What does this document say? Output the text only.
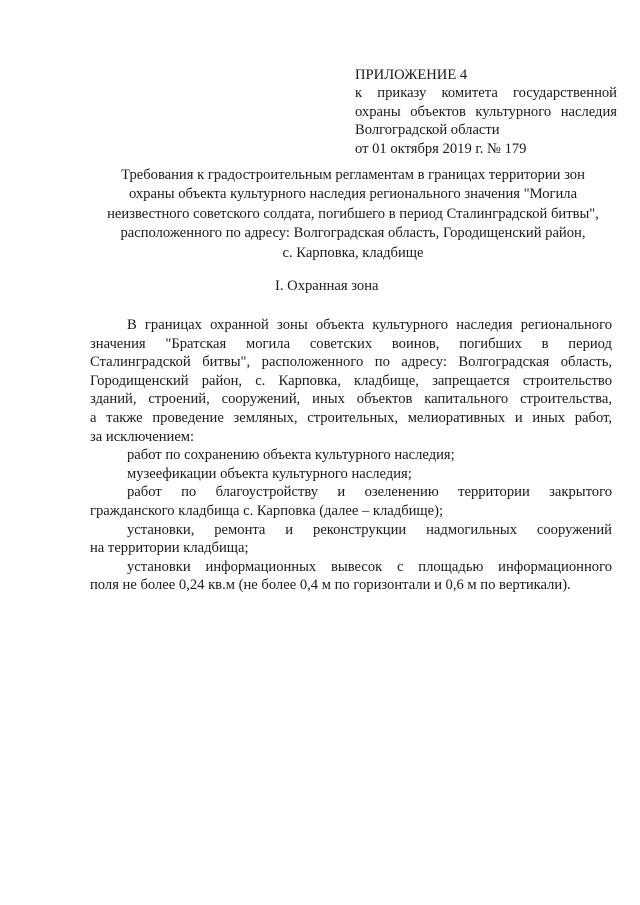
ПРИЛОЖЕНИЕ 4
к приказу комитета государственной
охраны объектов культурного наследия
Волгоградской области
от 01 октября 2019 г. № 179
Требования к градостроительным регламентам в границах территории зон
охраны объекта культурного наследия регионального значения "Могила
неизвестного советского солдата, погибшего в период Сталинградской битвы",
расположенного по адресу: Волгоградская область, Городищенский район,
с. Карповка, кладбище
I. Охранная зона
В границах охранной зоны объекта культурного наследия регионального
значения "Братская могила советских воинов, погибших в период
Сталинградской битвы", расположенного по адресу: Волгоградская область,
Городищенский район, с. Карповка, кладбище, запрещается строительство
зданий, строений, сооружений, иных объектов капитального строительства,
а также проведение земляных, строительных, мелиоративных и иных работ,
за исключением:
работ по сохранению объекта культурного наследия;
музеефикации объекта культурного наследия;
работ по благоустройству и озеленению территории закрытого
гражданского кладбища с. Карповка (далее – кладбище);
установки, ремонта и реконструкции надмогильных сооружений
на территории кладбища;
установки информационных вывесок с площадью информационного
поля не более 0,24 кв.м (не более 0,4 м по горизонтали и 0,6 м по вертикали).
